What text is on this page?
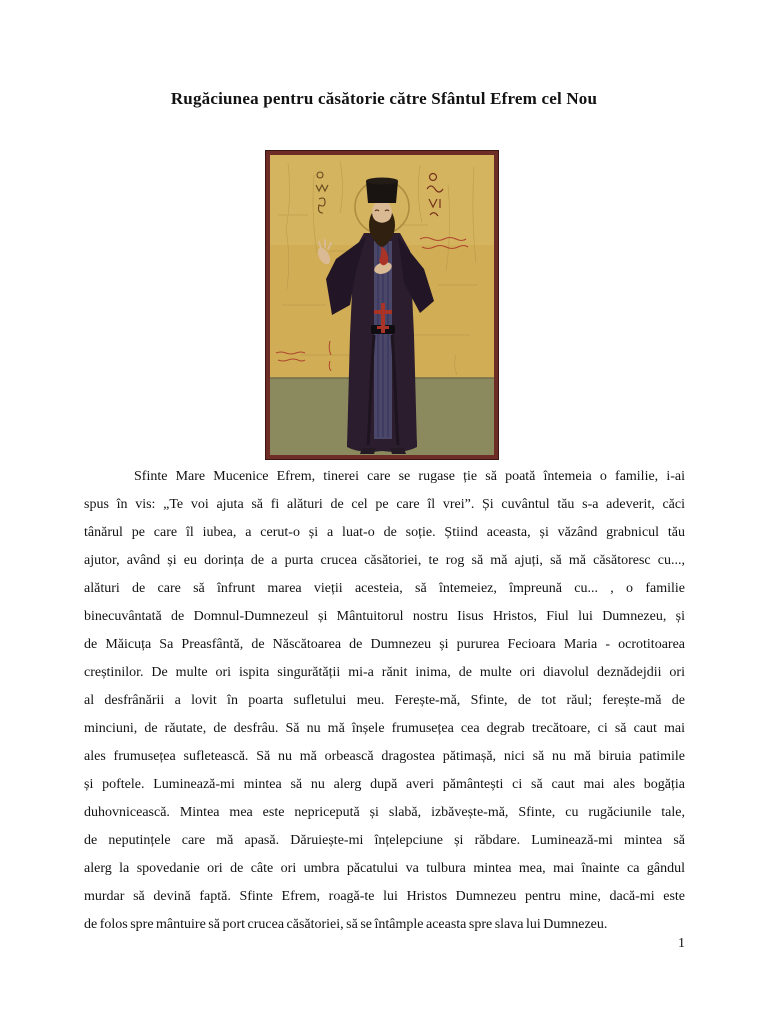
Rugăciunea pentru căsătorie către Sfântul Efrem cel Nou
Sfinte Mare Mucenice Efrem, tinerei care se rugase ție să poată întemeia o familie, i-ai
spus în vis: „Te voi ajuta să fi alături de cel pe care îl vrei”. Și cuvântul tău s-a adeverit, căci
tânărul pe care îl iubea, a cerut-o și a luat-o de soție. Știind aceasta, și văzând grabnicul tău
ajutor, având și eu dorința de a purta crucea căsătoriei, te rog să mă ajuți, să mă căsătoresc cu...,
alături de care să înfrunt marea vieții acesteia, să întemeiez, împreună cu... , o familie
binecuvântată de Domnul-Dumnezeul și Mântuitorul nostru Iisus Hristos, Fiul lui Dumnezeu, și
de Măicuța Sa Preasfântă, de Născătoarea de Dumnezeu și pururea Fecioara Maria - ocrotitoarea
creștinilor. De multe ori ispita singurătății mi-a rănit inima, de multe ori diavolul deznădejdii ori
al desfrânării a lovit în poarta sufletului meu. Ferește-mă, Sfinte, de tot răul; ferește-mă de
minciuni, de răutate, de desfrâu. Să nu mă înșele frumusețea cea degrab trecătoare, ci să caut mai
ales frumusețea sufletească. Să nu mă orbească dragostea pătimașă, nici să nu mă biruia patimile
și poftele. Luminează-mi mintea să nu alerg după averi pământești ci să caut mai ales bogăția
duhovnicească. Mintea mea este nepricepută și slabă, izbăvește-mă, Sfinte, cu rugăciunile tale,
de neputințele care mă apasă. Dăruiește-mi înțelepciune și răbdare. Luminează-mi mintea să
alerg la spovedanie ori de câte ori umbra păcatului va tulbura mintea mea, mai înainte ca gândul
murdar să devină faptă. Sfinte Efrem, roagă-te lui Hristos Dumnezeu pentru mine, dacă-mi este
de folos spre mântuire să port crucea căsătoriei, să se întâmple aceasta spre slava lui Dumnezeu.
1
